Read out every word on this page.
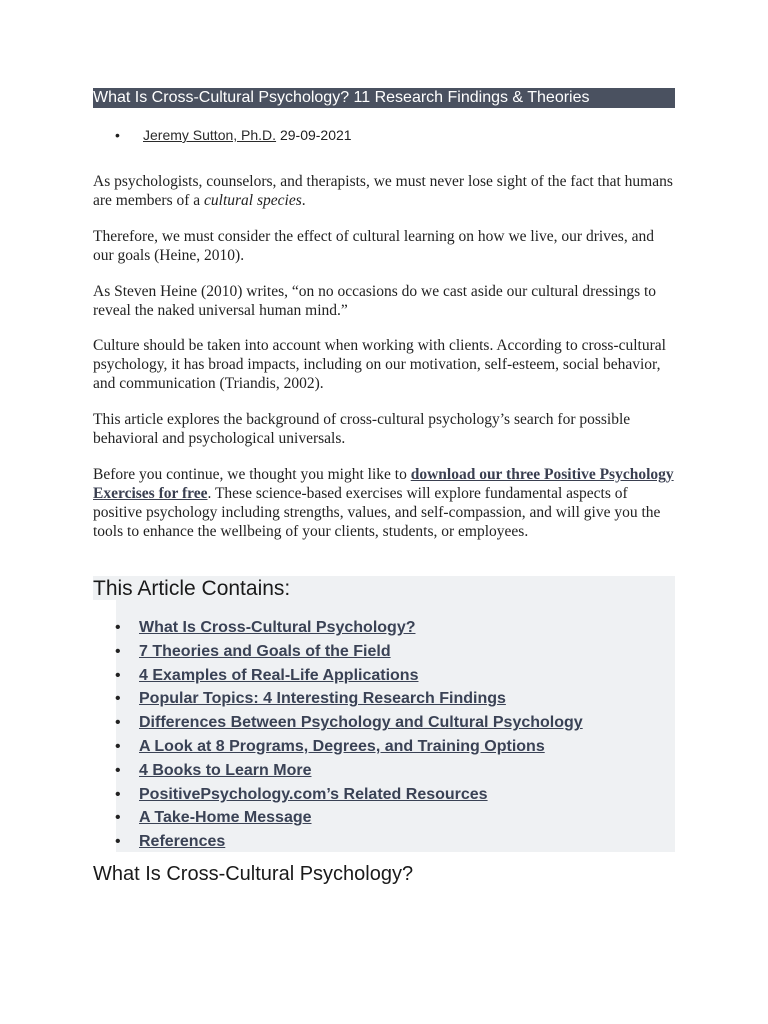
What Is Cross-Cultural Psychology? 11 Research Findings & Theories
• Jeremy Sutton, Ph.D. 29-09-2021

As psychologists, counselors, and therapists, we must never lose sight of the fact that humans are members of a cultural species.

Therefore, we must consider the effect of cultural learning on how we live, our drives, and our goals (Heine, 2010).

As Steven Heine (2010) writes, “on no occasions do we cast aside our cultural dressings to reveal the naked universal human mind.”

Culture should be taken into account when working with clients. According to cross-cultural psychology, it has broad impacts, including on our motivation, self-esteem, social behavior, and communication (Triandis, 2002).

This article explores the background of cross-cultural psychology’s search for possible behavioral and psychological universals.

Before you continue, we thought you might like to download our three Positive Psychology Exercises for free. These science-based exercises will explore fundamental aspects of positive psychology including strengths, values, and self-compassion, and will give you the tools to enhance the wellbeing of your clients, students, or employees.

This Article Contains:
• What Is Cross-Cultural Psychology?
• 7 Theories and Goals of the Field
• 4 Examples of Real-Life Applications
• Popular Topics: 4 Interesting Research Findings
• Differences Between Psychology and Cultural Psychology
• A Look at 8 Programs, Degrees, and Training Options
• 4 Books to Learn More
• PositivePsychology.com’s Related Resources
• A Take-Home Message
• References
What Is Cross-Cultural Psychology?
